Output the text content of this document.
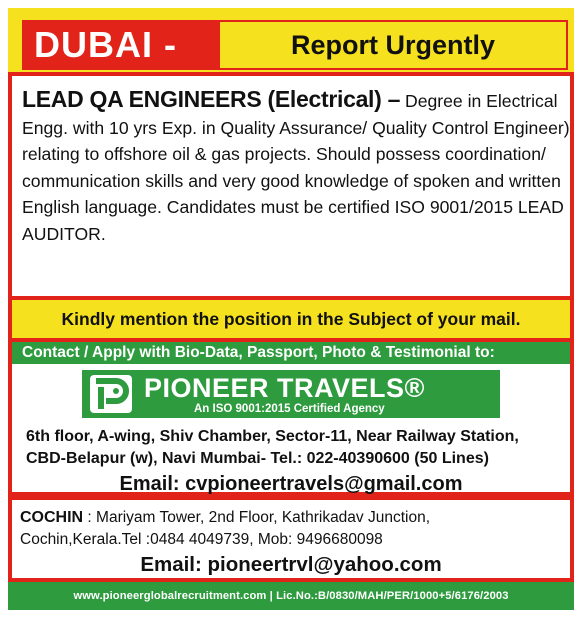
DUBAI -	Report Urgently
LEAD QA ENGINEERS (Electrical) – Degree in Electrical Engg. with 10 yrs Exp. in Quality Assurance/ Quality Control Engineer) relating to offshore oil & gas projects. Should possess coordination/ communication skills and very good knowledge of spoken and written English language. Candidates must be certified ISO 9001/2015 LEAD AUDITOR.
Kindly mention the position in the Subject of your mail.
Contact / Apply with Bio-Data, Passport, Photo & Testimonial to:
PIONEER TRAVELS®
An ISO 9001:2015 Certified Agency
6th floor, A-wing, Shiv Chamber, Sector-11, Near Railway Station,
CBD-Belapur (w), Navi Mumbai- Tel.: 022-40390600 (50 Lines)
Email: cvpioneertravels@gmail.com
COCHIN : Mariyam Tower, 2nd Floor, Kathrikadav Junction,
Cochin,Kerala.Tel :0484 4049739, Mob: 9496680098
Email: pioneertrvl@yahoo.com
www.pioneerglobalrecruitment.com | Lic.No.:B/0830/MAH/PER/1000+5/6176/2003
